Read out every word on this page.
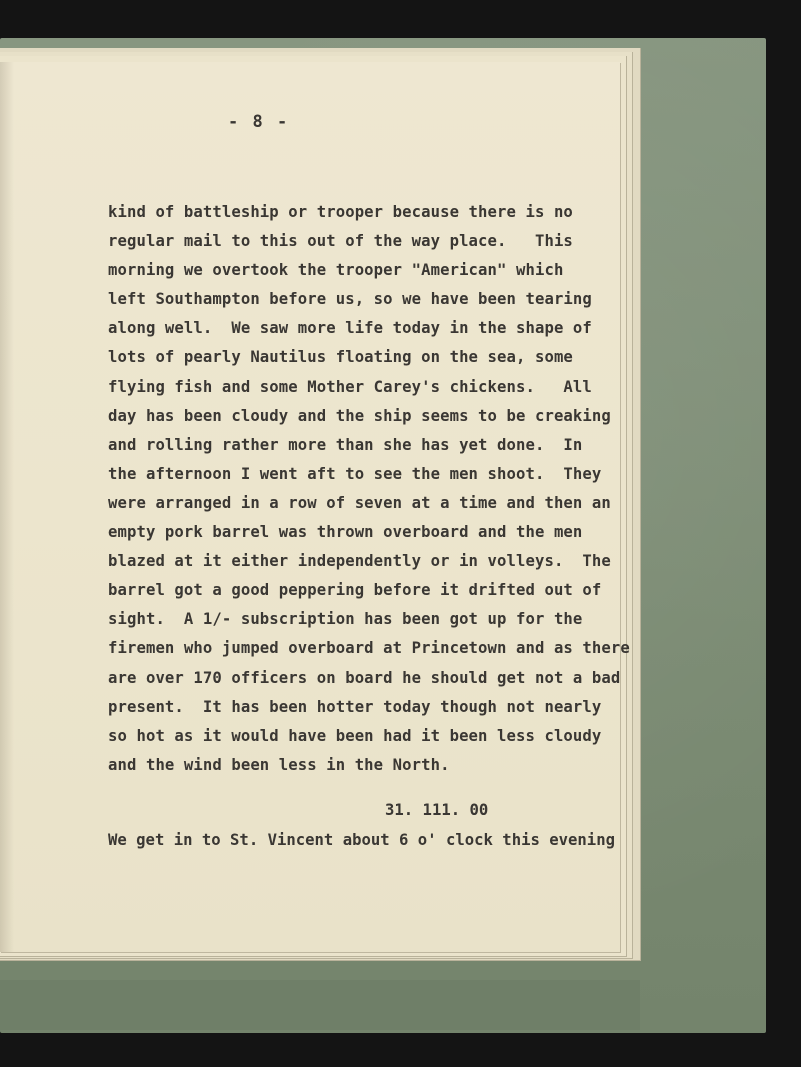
- 8 -
kind of battleship or trooper because there is no
regular mail to this out of the way place.   This
morning we overtook the trooper "American" which
left Southampton before us, so we have been tearing
along well.  We saw more life today in the shape of
lots of pearly Nautilus floating on the sea, some
flying fish and some Mother Carey's chickens.   All
day has been cloudy and the ship seems to be creaking
and rolling rather more than she has yet done.  In
the afternoon I went aft to see the men shoot.  They
were arranged in a row of seven at a time and then an
empty pork barrel was thrown overboard and the men
blazed at it either independently or in volleys.  The
barrel got a good peppering before it drifted out of
sight.  A 1/- subscription has been got up for the
firemen who jumped overboard at Princetown and as there
are over 170 officers on board he should get not a bad
present.  It has been hotter today though not nearly
so hot as it would have been had it been less cloudy
and the wind been less in the North.
31. 111. 00
We get in to St. Vincent about 6 o' clock this evening
